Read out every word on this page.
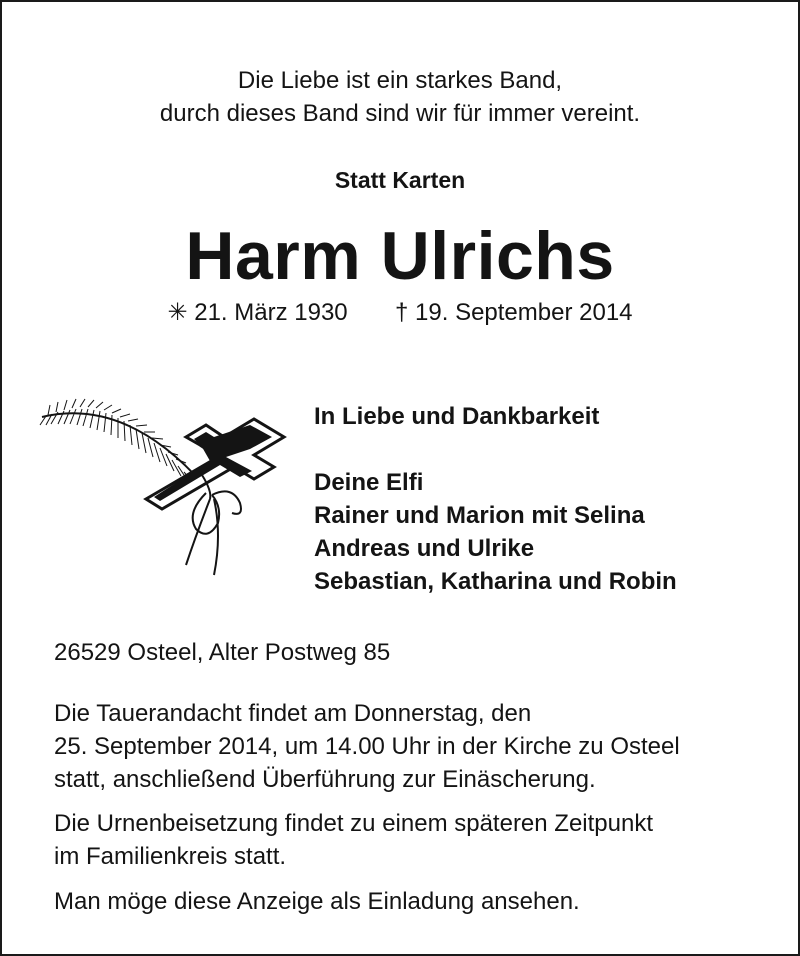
Die Liebe ist ein starkes Band,
durch dieses Band sind wir für immer vereint.
Statt Karten
Harm Ulrichs
✳ 21. März 1930 † 19. September 2014
In Liebe und Dankbarkeit
Deine Elfi
Rainer und Marion mit Selina
Andreas und Ulrike
Sebastian, Katharina und Robin
26529 Osteel, Alter Postweg 85
Die Tauerandacht findet am Donnerstag, den
25. September 2014, um 14.00 Uhr in der Kirche zu Osteel
statt, anschließend Überführung zur Einäscherung.
Die Urnenbeisetzung findet zu einem späteren Zeitpunkt
im Familienkreis statt.
Man möge diese Anzeige als Einladung ansehen.
